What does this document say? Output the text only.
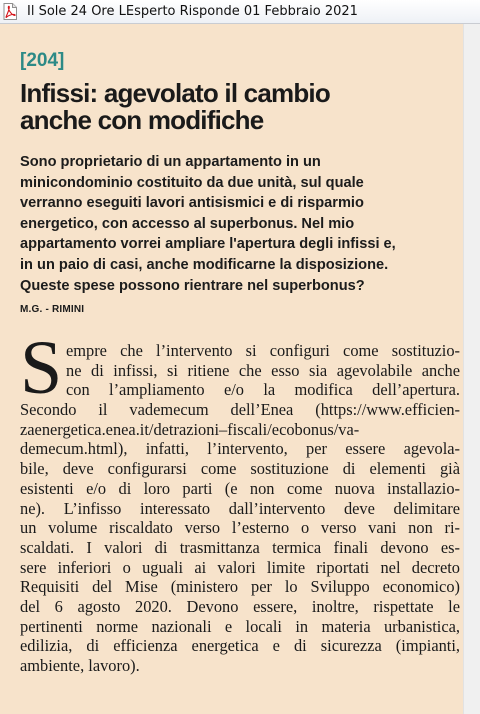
Il Sole 24 Ore LEsperto Risponde 01 Febbraio 2021
[204]
Infissi: agevolato il cambio
anche con modifiche
Sono proprietario di un appartamento in un
minicondominio costituito da due unità, sul quale
verranno eseguiti lavori antisismici e di risparmio
energetico, con accesso al superbonus. Nel mio
appartamento vorrei ampliare l'apertura degli infissi e,
in un paio di casi, anche modificarne la disposizione.
Queste spese possono rientrare nel superbonus?
M.G. - RIMINI
S empre che l’intervento si configuri come sostituzio-
ne di infissi, si ritiene che esso sia agevolabile anche
con l’ampliamento e/o la modifica dell’apertura.
Secondo il vademecum dell’Enea (https://www.efficien-
zaenergetica.enea.it/detrazioni–fiscali/ecobonus/va-
demecum.html), infatti, l’intervento, per essere agevola-
bile, deve configurarsi come sostituzione di elementi già
esistenti e/o di loro parti (e non come nuova installazio-
ne). L’infisso interessato dall’intervento deve delimitare
un volume riscaldato verso l’esterno o verso vani non ri-
scaldati. I valori di trasmittanza termica finali devono es-
sere inferiori o uguali ai valori limite riportati nel decreto
Requisiti del Mise (ministero per lo Sviluppo economico)
del 6 agosto 2020. Devono essere, inoltre, rispettate le
pertinenti norme nazionali e locali in materia urbanistica,
edilizia, di efficienza energetica e di sicurezza (impianti,
ambiente, lavoro).
